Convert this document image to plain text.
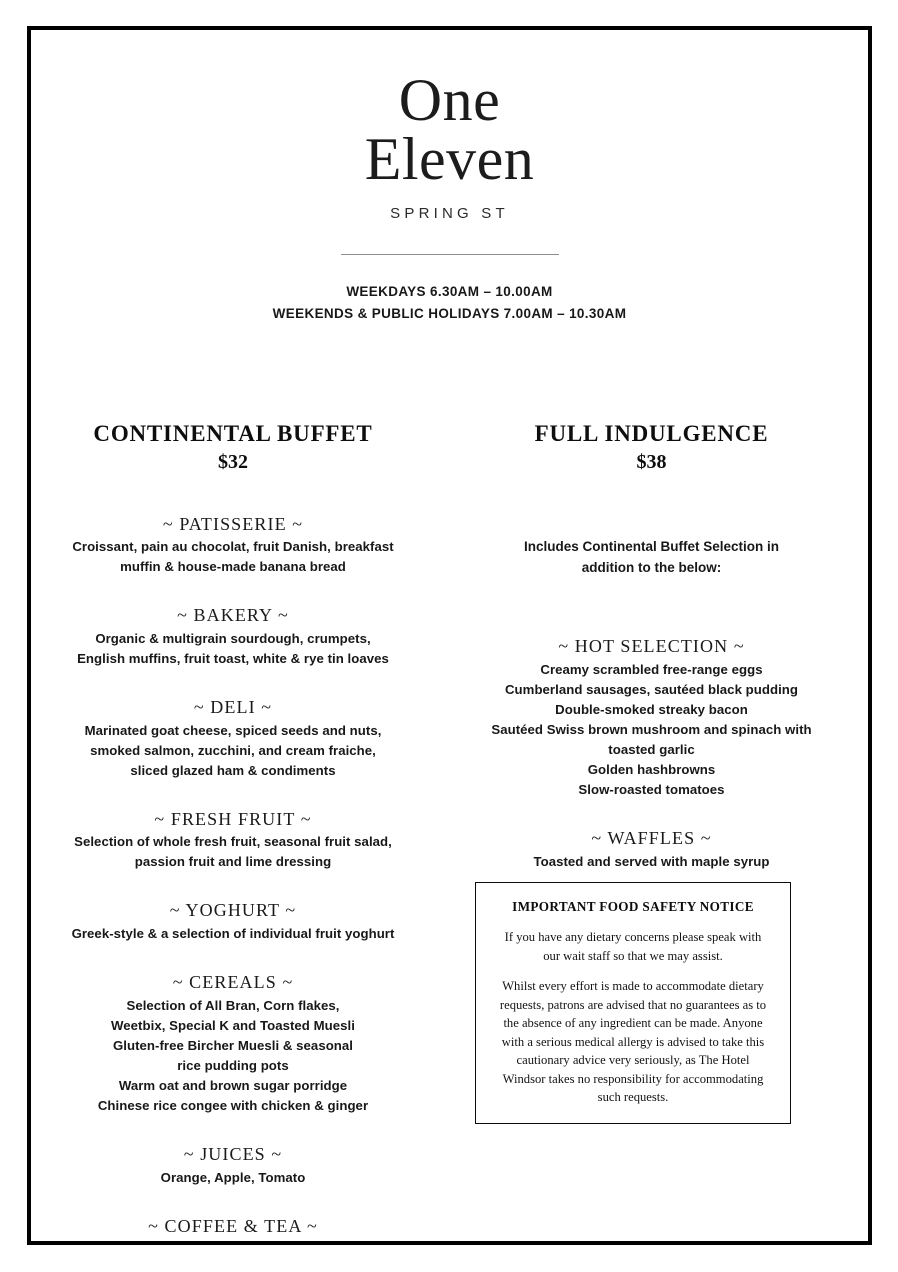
One
Eleven
SPRING ST
WEEKDAYS 6.30AM – 10.00AM
WEEKENDS & PUBLIC HOLIDAYS 7.00AM – 10.30AM
CONTINENTAL BUFFET
$32
~ PATISSERIE ~
Croissant, pain au chocolat, fruit Danish, breakfast
muffin & house-made banana bread
~ BAKERY ~
Organic & multigrain sourdough, crumpets,
English muffins, fruit toast, white & rye tin loaves
~ DELI ~
Marinated goat cheese, spiced seeds and nuts,
smoked salmon, zucchini, and cream fraiche,
sliced glazed ham & condiments
~ FRESH FRUIT ~
Selection of whole fresh fruit, seasonal fruit salad,
passion fruit and lime dressing
~ YOGHURT ~
Greek-style & a selection of individual fruit yoghurt
~ CEREALS ~
Selection of All Bran, Corn flakes,
Weetbix, Special K and Toasted Muesli
Gluten-free Bircher Muesli & seasonal
rice pudding pots
Warm oat and brown sugar porridge
Chinese rice congee with chicken & ginger
~ JUICES ~
Orange, Apple, Tomato
~ COFFEE & TEA ~
FULL INDULGENCE
$38
Includes Continental Buffet Selection in
addition to the below:
~ HOT SELECTION ~
Creamy scrambled free-range eggs
Cumberland sausages, sautéed black pudding
Double-smoked streaky bacon
Sautéed Swiss brown mushroom and spinach with
toasted garlic
Golden hashbrowns
Slow-roasted tomatoes
~ WAFFLES ~
Toasted and served with maple syrup
IMPORTANT FOOD SAFETY NOTICE

If you have any dietary concerns please speak with our wait staff so that we may assist.

Whilst every effort is made to accommodate dietary requests, patrons are advised that no guarantees as to the absence of any ingredient can be made. Anyone with a serious medical allergy is advised to take this cautionary advice very seriously, as The Hotel Windsor takes no responsibility for accommodating such requests.
